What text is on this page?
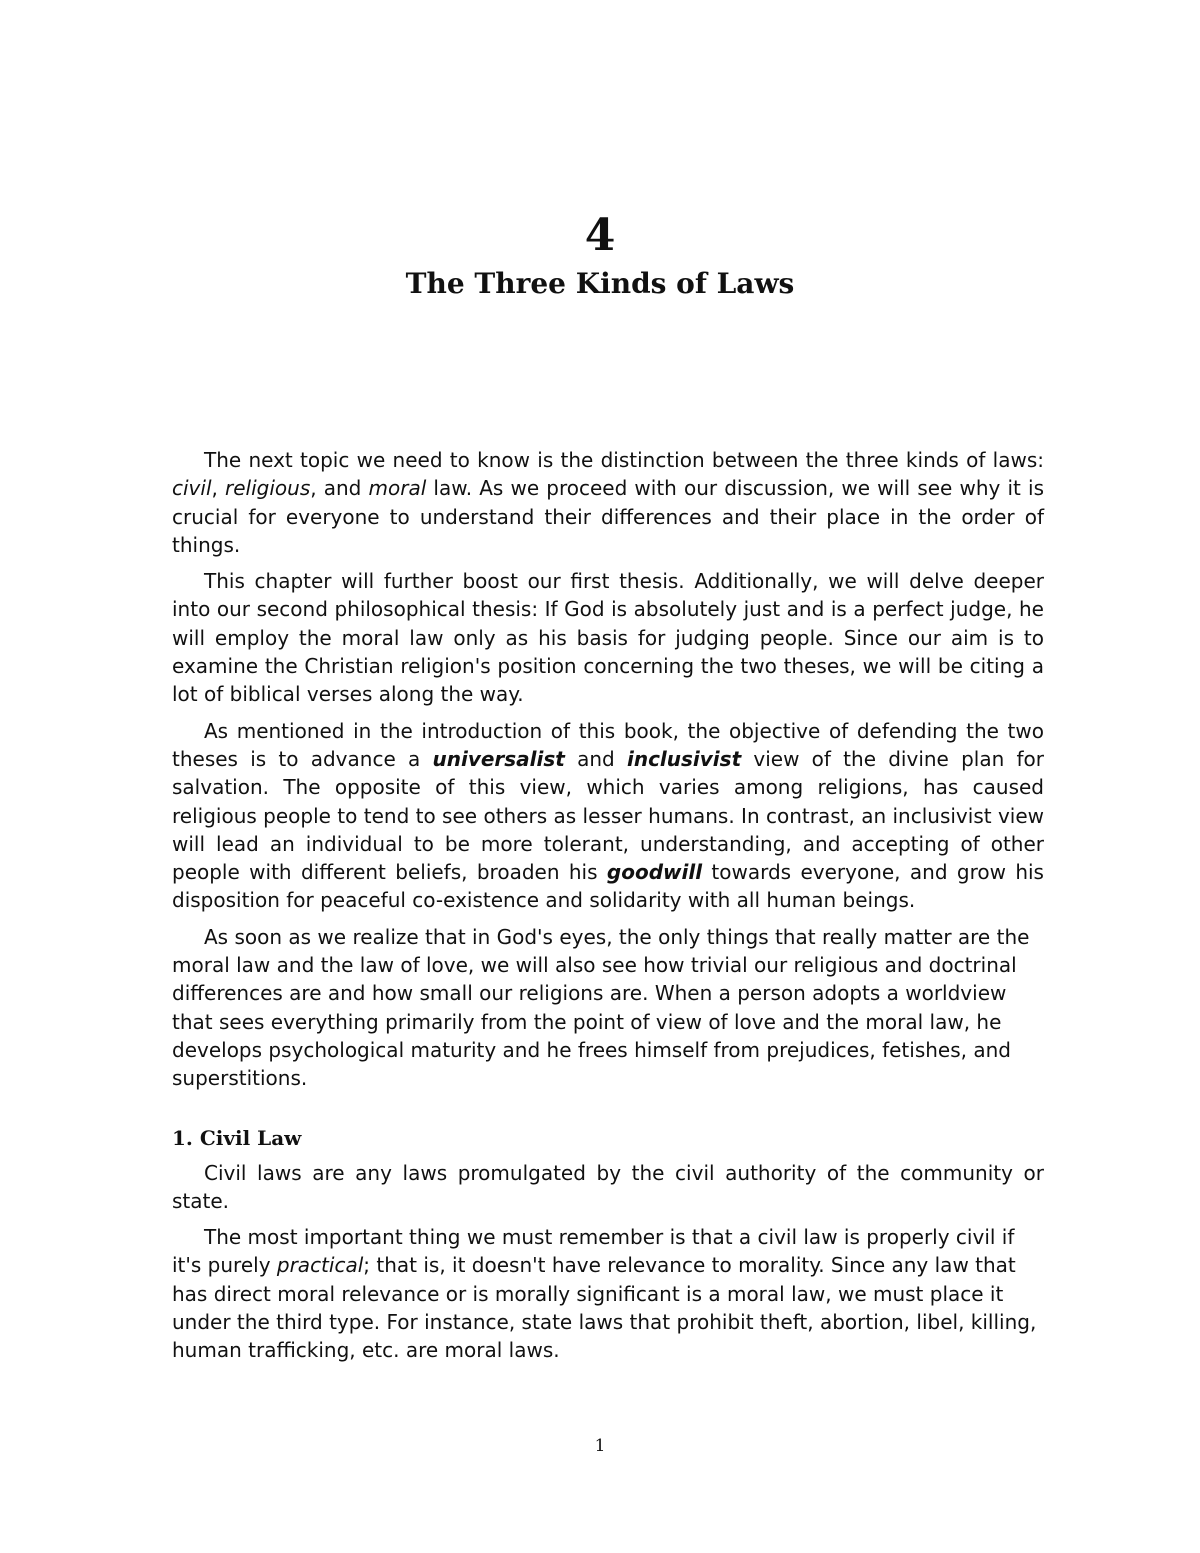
4
The Three Kinds of Laws

The next topic we need to know is the distinction between the three kinds of laws: civil, religious, and moral law. As we proceed with our discussion, we will see why it is crucial for everyone to understand their differences and their place in the order of things.

This chapter will further boost our first thesis. Additionally, we will delve deeper into our second philosophical thesis: If God is absolutely just and is a perfect judge, he will employ the moral law only as his basis for judging people. Since our aim is to examine the Christian religion's position concerning the two theses, we will be citing a lot of biblical verses along the way.

As mentioned in the introduction of this book, the objective of defending the two theses is to advance a universalist and inclusivist view of the divine plan for salvation. The opposite of this view, which varies among religions, has caused religious people to tend to see others as lesser humans. In contrast, an inclusivist view will lead an individual to be more tolerant, understanding, and accepting of other people with different beliefs, broaden his goodwill towards everyone, and grow his disposition for peaceful co-existence and solidarity with all human beings.

As soon as we realize that in God's eyes, the only things that really matter are the moral law and the law of love, we will also see how trivial our religious and doctrinal differences are and how small our religions are. When a person adopts a worldview that sees everything primarily from the point of view of love and the moral law, he develops psychological maturity and he frees himself from prejudices, fetishes, and superstitions.

1. Civil Law

Civil laws are any laws promulgated by the civil authority of the community or state.

The most important thing we must remember is that a civil law is properly civil if it's purely practical; that is, it doesn't have relevance to morality. Since any law that has direct moral relevance or is morally significant is a moral law, we must place it under the third type. For instance, state laws that prohibit theft, abortion, libel, killing, human trafficking, etc. are moral laws.

1
